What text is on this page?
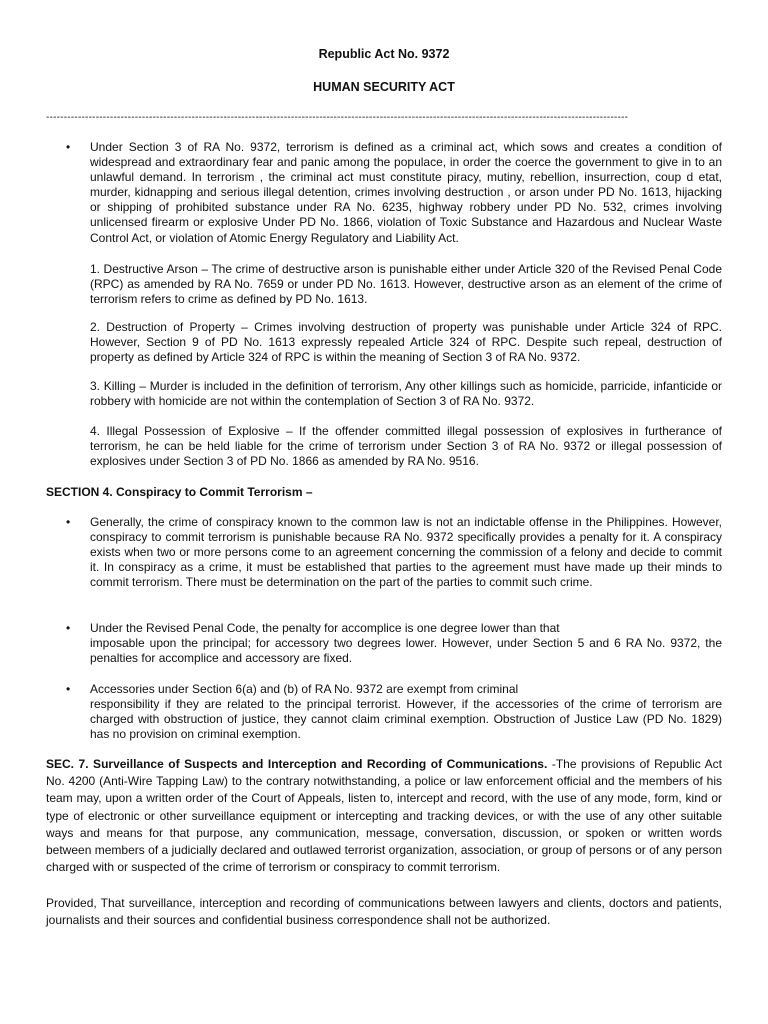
Republic Act No. 9372
HUMAN SECURITY ACT
--------------------------------------------------------------------------------------------------------------------------------------------------------------------
• Under Section 3 of RA No. 9372, terrorism is defined as a criminal act, which sows and creates a condition of widespread and extraordinary fear and panic among the populace, in order the coerce the government to give in to an unlawful demand. In terrorism , the criminal act must constitute piracy, mutiny, rebellion, insurrection, coup d etat, murder, kidnapping and serious illegal detention, crimes involving destruction , or arson under PD No. 1613, hijacking or shipping of prohibited substance under RA No. 6235, highway robbery under PD No. 532, crimes involving unlicensed firearm or explosive Under PD No. 1866, violation of Toxic Substance and Hazardous and Nuclear Waste Control Act, or violation of Atomic Energy Regulatory and Liability Act.

1. Destructive Arson – The crime of destructive arson is punishable either under Article 320 of the Revised Penal Code (RPC) as amended by RA No. 7659 or under PD No. 1613. However, destructive arson as an element of the crime of terrorism refers to crime as defined by PD No. 1613.

2. Destruction of Property – Crimes involving destruction of property was punishable under Article 324 of RPC. However, Section 9 of PD No. 1613 expressly repealed Article 324 of RPC. Despite such repeal, destruction of property as defined by Article 324 of RPC is within the meaning of Section 3 of RA No. 9372.

3. Killing – Murder is included in the definition of terrorism, Any other killings such as homicide, parricide, infanticide or robbery with homicide are not within the contemplation of Section 3 of RA No. 9372.

4. Illegal Possession of Explosive – If the offender committed illegal possession of explosives in furtherance of terrorism, he can be held liable for the crime of terrorism under Section 3 of RA No. 9372 or illegal possession of explosives under Section 3 of PD No. 1866 as amended by RA No. 9516.

SECTION 4. Conspiracy to Commit Terrorism –
• Generally, the crime of conspiracy known to the common law is not an indictable offense in the Philippines. However, conspiracy to commit terrorism is punishable because RA No. 9372 specifically provides a penalty for it. A conspiracy exists when two or more persons come to an agreement concerning the commission of a felony and decide to commit it. In conspiracy as a crime, it must be established that parties to the agreement must have made up their minds to commit terrorism. There must be determination on the part of the parties to commit such crime.

• Under the Revised Penal Code, the penalty for accomplice is one degree lower than that

imposable upon the principal; for accessory two degrees lower. However, under Section 5 and 6 RA No. 9372, the penalties for accomplice and accessory are fixed.

• Accessories under Section 6(a) and (b) of RA No. 9372 are exempt from criminal

responsibility if they are related to the principal terrorist. However, if the accessories of the crime of terrorism are charged with obstruction of justice, they cannot claim criminal exemption. Obstruction of Justice Law (PD No. 1829) has no provision on criminal exemption.

SEC. 7. Surveillance of Suspects and Interception and Recording of Communications. -The provisions of Republic Act No. 4200 (Anti-Wire Tapping Law) to the contrary notwithstanding, a police or law enforcement official and the members of his team may, upon a written order of the Court of Appeals, listen to, intercept and record, with the use of any mode, form, kind or type of electronic or other surveillance equipment or intercepting and tracking devices, or with the use of any other suitable ways and means for that purpose, any communication, message, conversation, discussion, or spoken or written words between members of a judicially declared and outlawed terrorist organization, association, or group of persons or of any person charged with or suspected of the crime of terrorism or conspiracy to commit terrorism.

Provided, That surveillance, interception and recording of communications between lawyers and clients, doctors and patients, journalists and their sources and confidential business correspondence shall not be authorized.
